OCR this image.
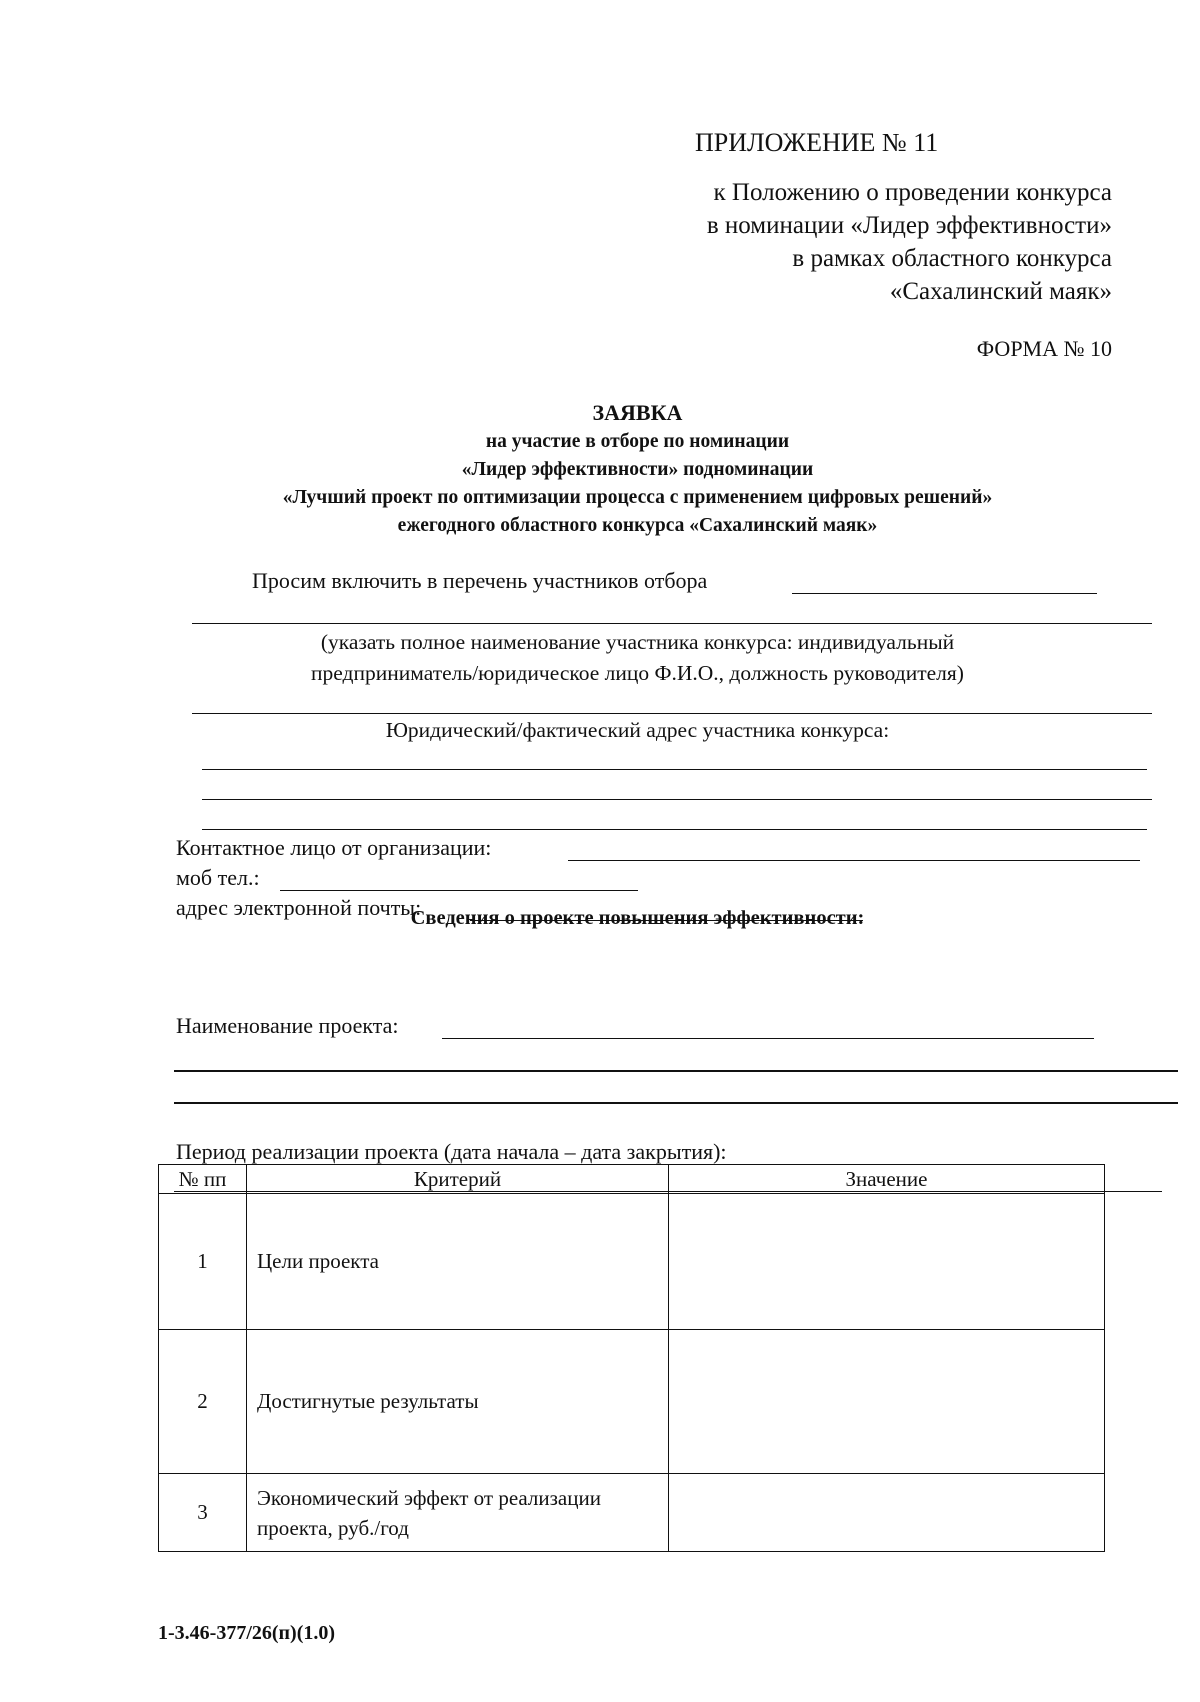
ПРИЛОЖЕНИЕ № 11
к Положению о проведении конкурса
в номинации «Лидер эффективности»
в рамках областного конкурса
«Сахалинский маяк»
ФОРМА № 10
ЗАЯВКА
на участие в отборе по номинации
«Лидер эффективности» подноминации
«Лучший проект по оптимизации процесса с применением цифровых решений»
ежегодного областного конкурса «Сахалинский маяк»
Просим включить в перечень участников отбора
(указать полное наименование участника конкурса: индивидуальный
предприниматель/юридическое лицо Ф.И.О., должность руководителя)
Юридический/фактический адрес участника конкурса:
Контактное лицо от организации:
моб тел.:
адрес электронной почты:
Сведения о проекте повышения эффективности:
Наименование проекта:
Период реализации проекта (дата начала – дата закрытия):
№ пп	Критерий	Значение
1	Цели проекта	
2	Достигнутые результаты	
3	Экономический эффект от реализации проекта, руб./год	
1-3.46-377/26(п)(1.0)
